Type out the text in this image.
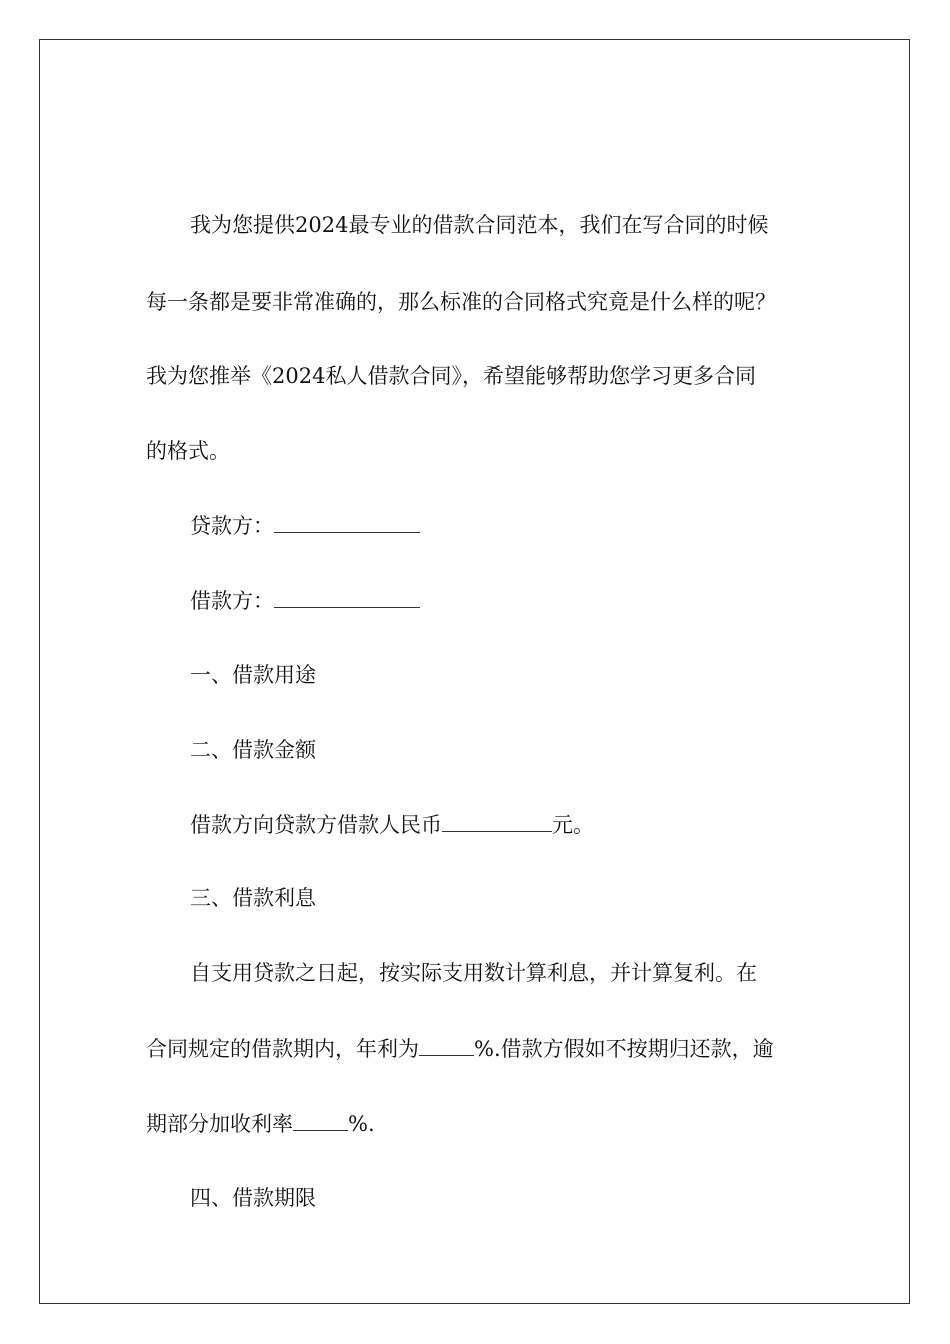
我为您提供2024最专业的借款合同范本，我们在写合同的时候
每一条都是要非常准确的，那么标准的合同格式究竟是什么样的呢？
我为您推举《2024私人借款合同》，希望能够帮助您学习更多合同
的格式。
贷款方：
借款方：
一、借款用途
二、借款金额
借款方向贷款方借款人民币	元。
三、借款利息
自支用贷款之日起，按实际支用数计算利息，并计算复利。在
合同规定的借款期内，年利为	%.借款方假如不按期归还款，逾
期部分加收利率	%.
四、借款期限
